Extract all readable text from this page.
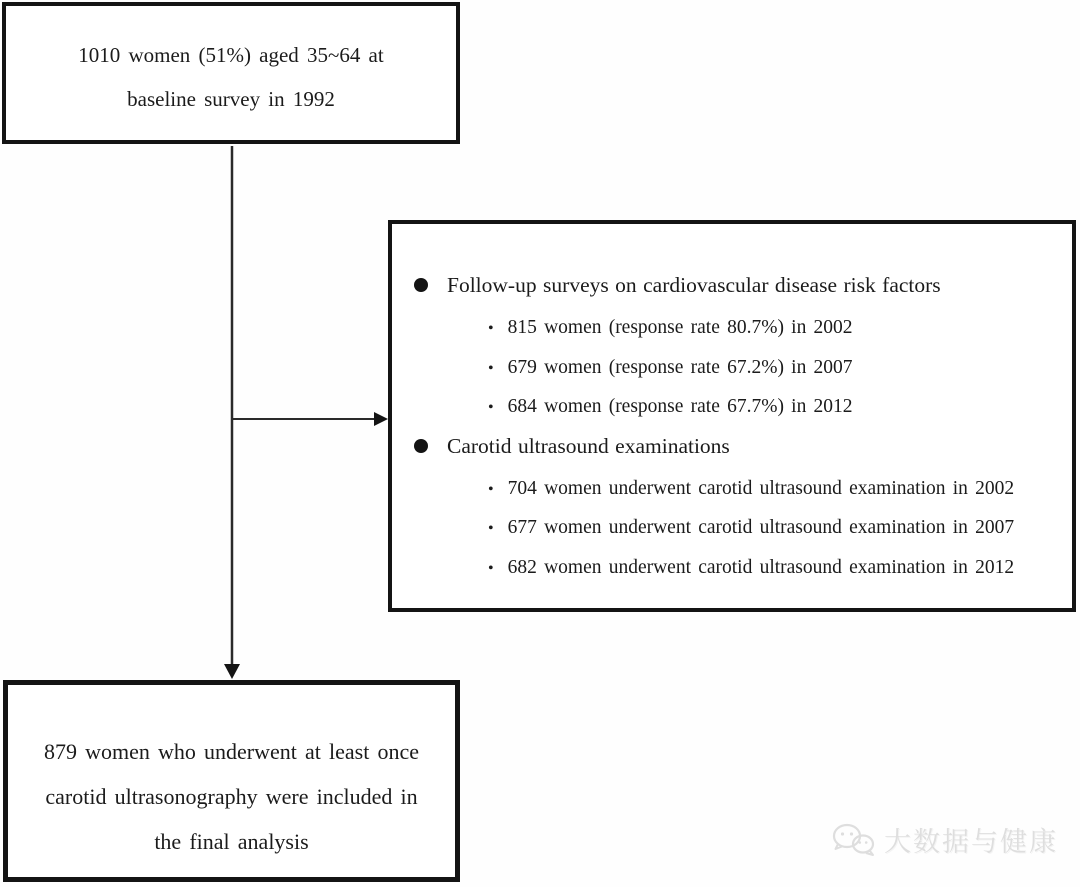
1010 women (51%) aged 35~64 at
baseline survey in 1992
Follow-up surveys on cardiovascular disease risk factors
• 815 women (response rate 80.7%) in 2002
• 679 women (response rate 67.2%) in 2007
• 684 women (response rate 67.7%) in 2012
Carotid ultrasound examinations
• 704 women underwent carotid ultrasound examination in 2002
• 677 women underwent carotid ultrasound examination in 2007
• 682 women underwent carotid ultrasound examination in 2012
879 women who underwent at least once
carotid ultrasonography were included in
the final analysis	大数据与健康
